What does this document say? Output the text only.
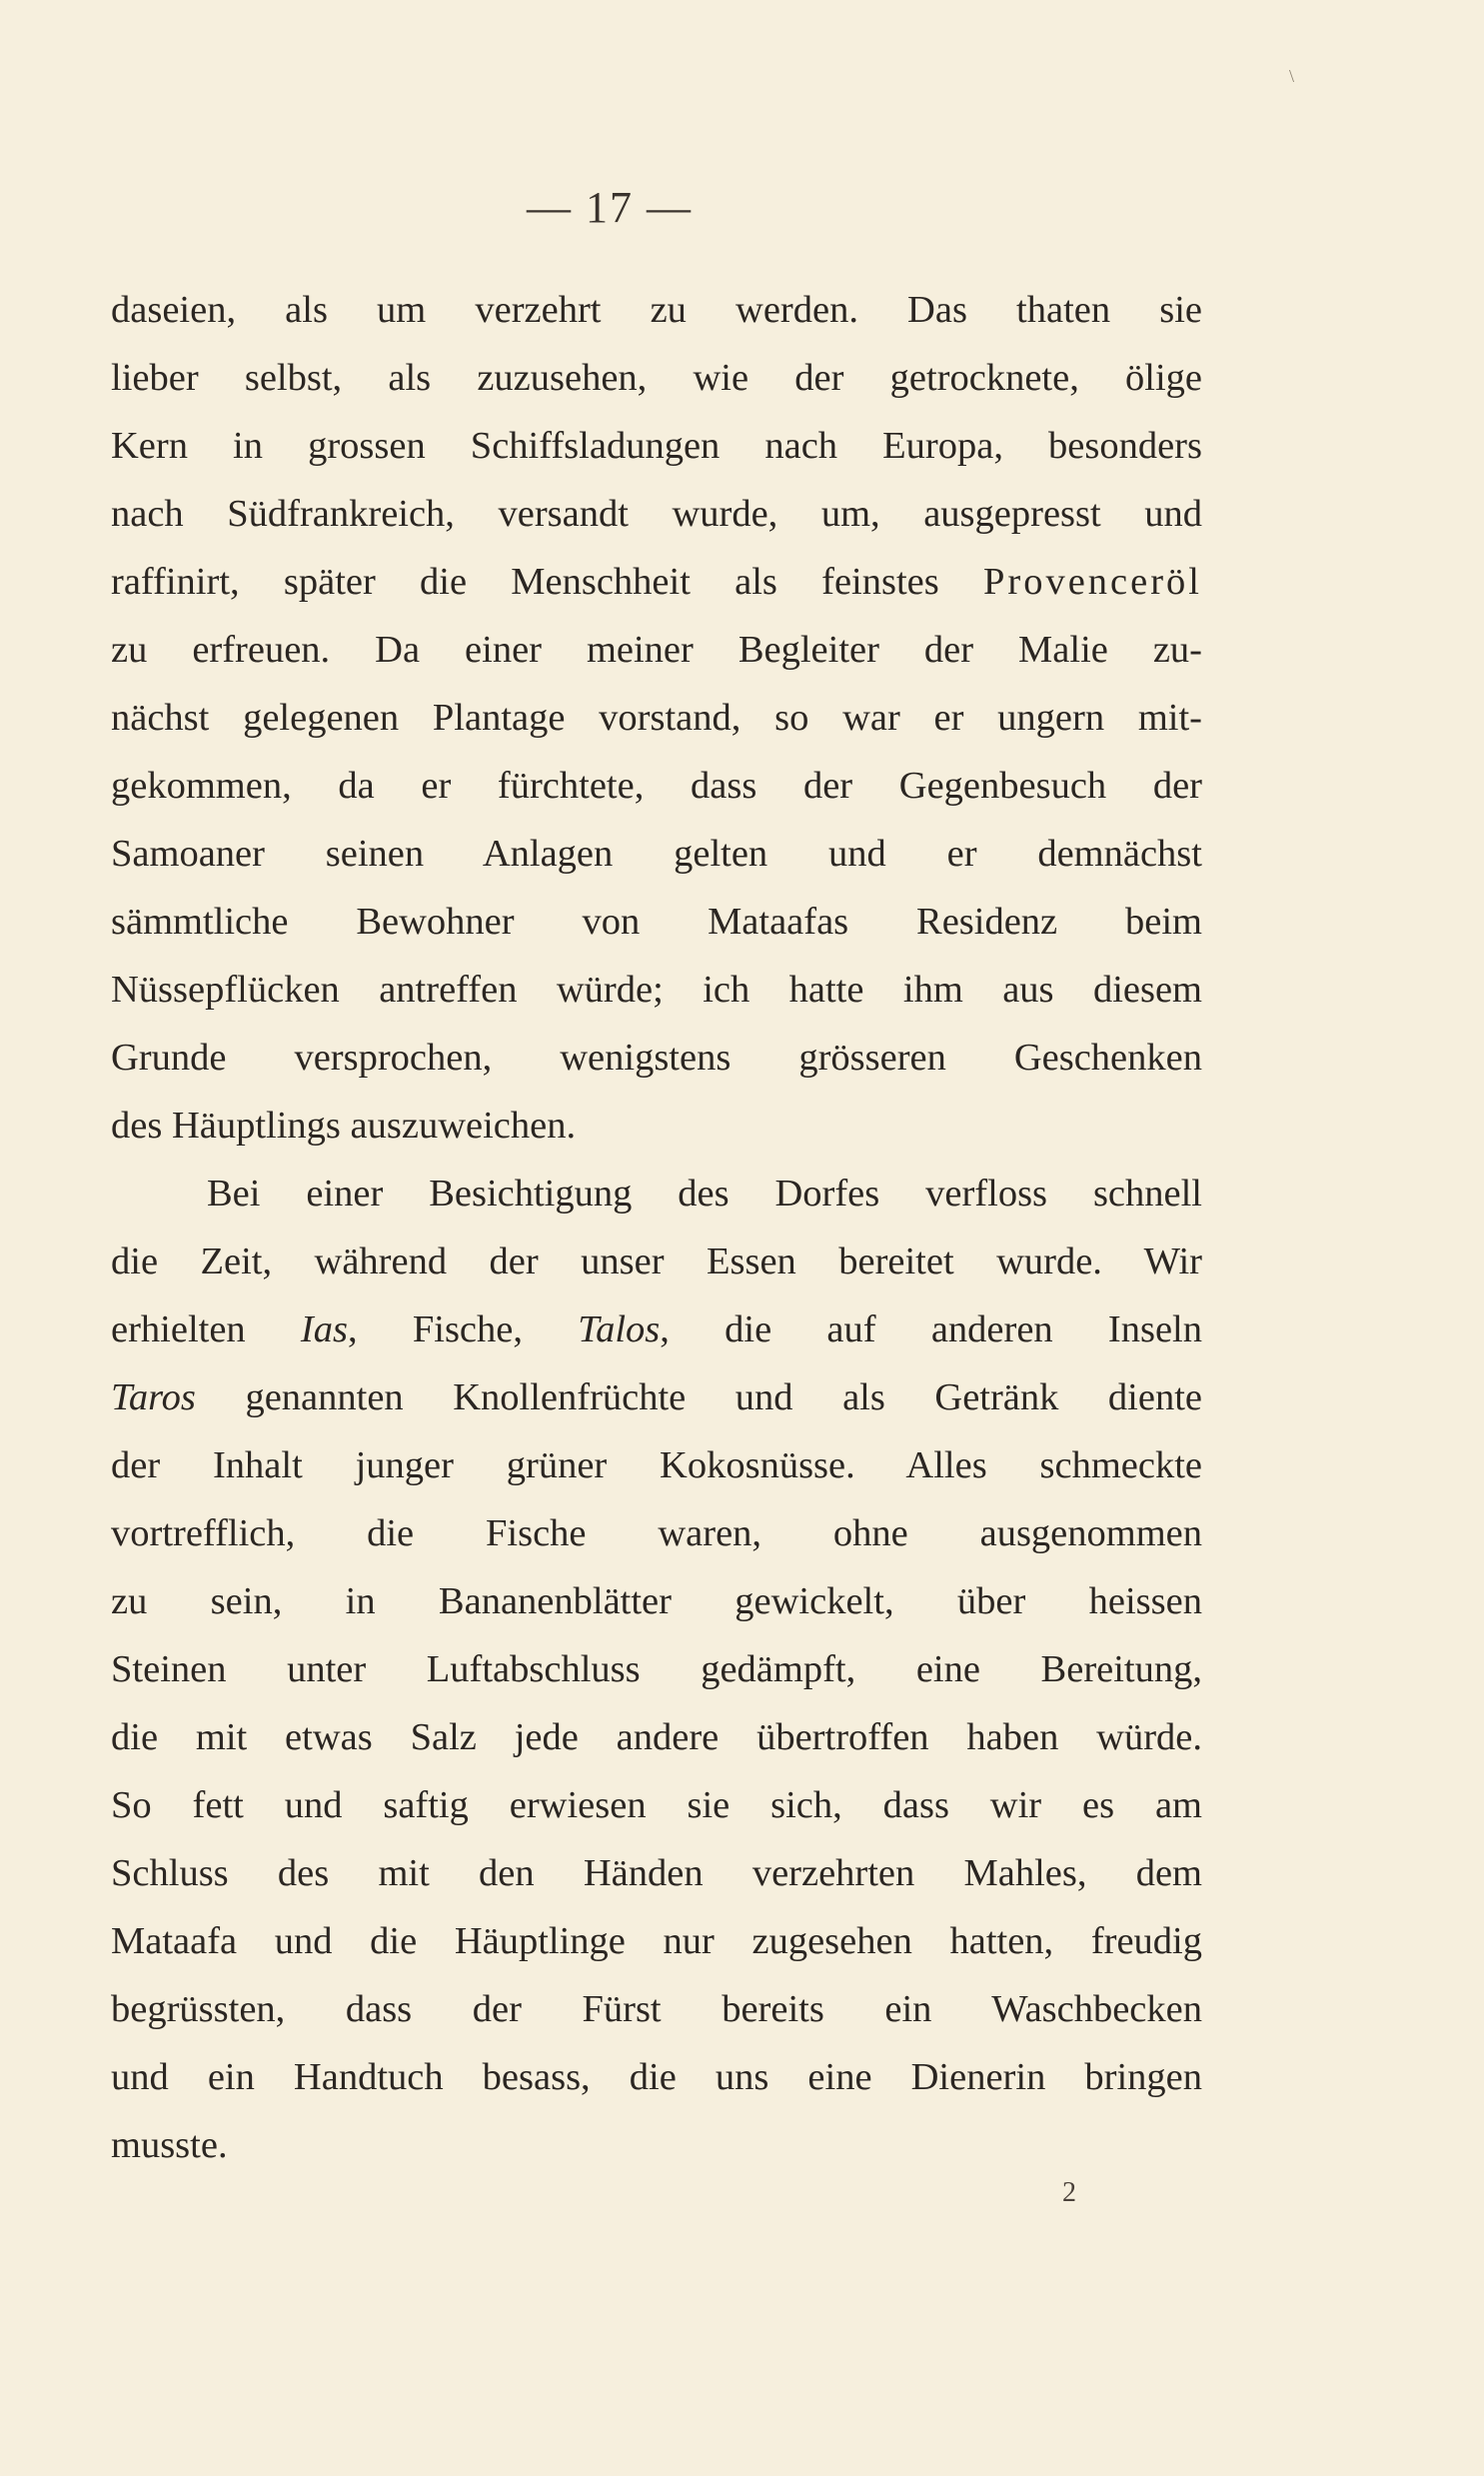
\
— 17 —
daseien, als um verzehrt zu werden. Das thaten sie
lieber selbst, als zuzusehen, wie der getrocknete, ölige
Kern in grossen Schiffsladungen nach Europa, besonders
nach Südfrankreich, versandt wurde, um, ausgepresst und
raffinirt, später die Menschheit als feinstes Provenceröl
zu erfreuen. Da einer meiner Begleiter der Malie zu-
nächst gelegenen Plantage vorstand, so war er ungern mit-
gekommen, da er fürchtete, dass der Gegenbesuch der
Samoaner seinen Anlagen gelten und er demnächst
sämmtliche Bewohner von Mataafas Residenz beim
Nüssepflücken antreffen würde; ich hatte ihm aus diesem
Grunde versprochen, wenigstens grösseren Geschenken
des Häuptlings auszuweichen.
Bei einer Besichtigung des Dorfes verfloss schnell
die Zeit, während der unser Essen bereitet wurde. Wir
erhielten Ias, Fische, Talos, die auf anderen Inseln
Taros genannten Knollenfrüchte und als Getränk diente
der Inhalt junger grüner Kokosnüsse. Alles schmeckte
vortrefflich, die Fische waren, ohne ausgenommen
zu sein, in Bananenblätter gewickelt, über heissen
Steinen unter Luftabschluss gedämpft, eine Bereitung,
die mit etwas Salz jede andere übertroffen haben würde.
So fett und saftig erwiesen sie sich, dass wir es am
Schluss des mit den Händen verzehrten Mahles, dem
Mataafa und die Häuptlinge nur zugesehen hatten, freudig
begrüssten, dass der Fürst bereits ein Waschbecken
und ein Handtuch besass, die uns eine Dienerin bringen
musste.
2
